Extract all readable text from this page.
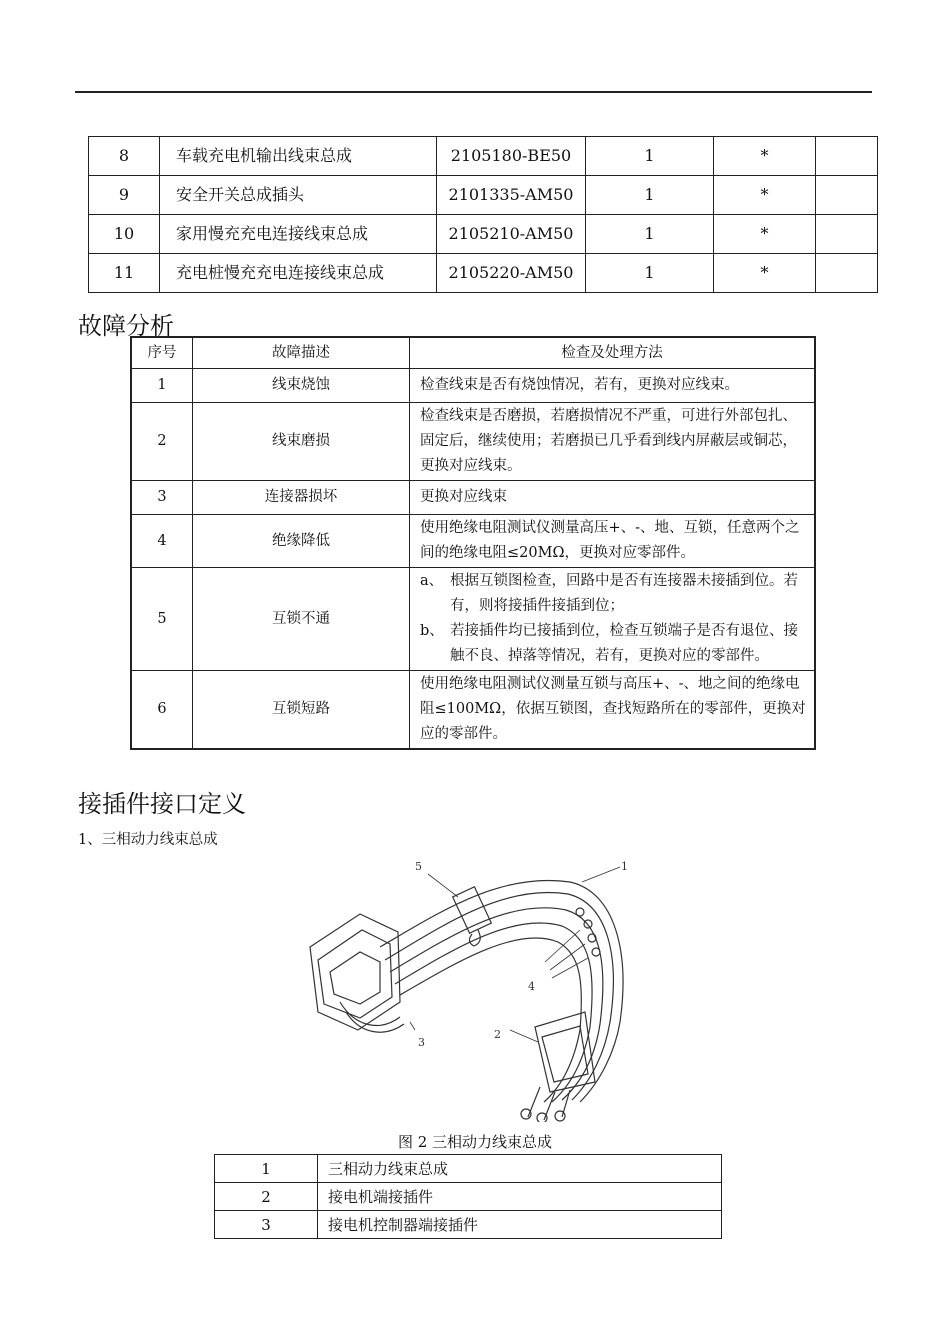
8	车载充电机输出线束总成	2105180-BE50	1	*	
9	安全开关总成插头	2101335-AM50	1	*	
10	家用慢充充电连接线束总成	2105210-AM50	1	*	
11	充电桩慢充充电连接线束总成	2105220-AM50	1	*	
故障分析
序号	故障描述	检查及处理方法
1	线束烧蚀	检查线束是否有烧蚀情况，若有，更换对应线束。
2	线束磨损	检查线束是否磨损，若磨损情况不严重，可进行外部包扎、固定后，继续使用；若磨损已几乎看到线内屏蔽层或铜芯，更换对应线束。
3	连接器损坏	更换对应线束
4	绝缘降低	使用绝缘电阻测试仪测量高压+、-、地、互锁，任意两个之间的绝缘电阻≤20MΩ，更换对应零部件。
5	互锁不通	a、 根据互锁图检查，回路中是否有连接器未接插到位。若有，则将接插件接插到位；
b、 若接插件均已接插到位，检查互锁端子是否有退位、接触不良、掉落等情况，若有，更换对应的零部件。

6	互锁短路	使用绝缘电阻测试仪测量互锁与高压+、-、地之间的绝缘电阻≤100MΩ，依据互锁图，查找短路所在的零部件，更换对应的零部件。
接插件接口定义
1、三相动力线束总成
5	1
4
3
2
图 2 三相动力线束总成
1	三相动力线束总成
2	接电机端接插件
3	接电机控制器端接插件
